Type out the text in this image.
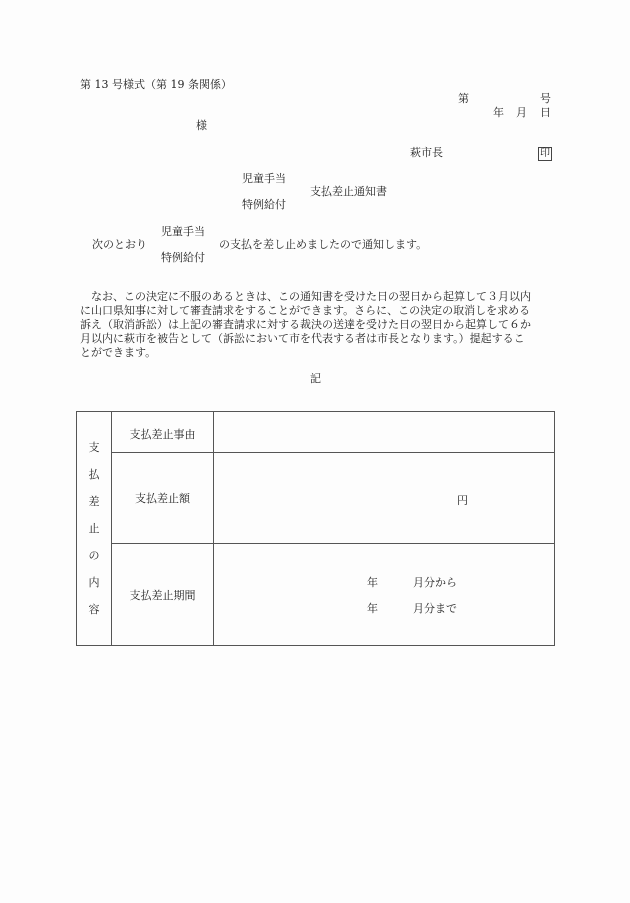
第 13 号様式（第 19 条関係）
第	号
年 月 日
様
萩市長	印
児童手当
支払差止通知書
特例給付
児童手当
次のとおり	の支払を差し止めましたので通知します。
特例給付
　なお、この決定に不服のあるときは、この通知書を受けた日の翌日から起算して３月以内
に山口県知事に対して審査請求をすることができます。さらに、この決定の取消しを求める
訴え（取消訴訟）は上記の審査請求に対する裁決の送達を受けた日の翌日から起算して６か
月以内に萩市を被告として（訴訟において市を代表する者は市長となります。）提起するこ
とができます。
記
支
払
差
止
の
内
容
	支払差止事由	
	支払差止額	円

	支払差止期間	年 月分から
年 月分まで
